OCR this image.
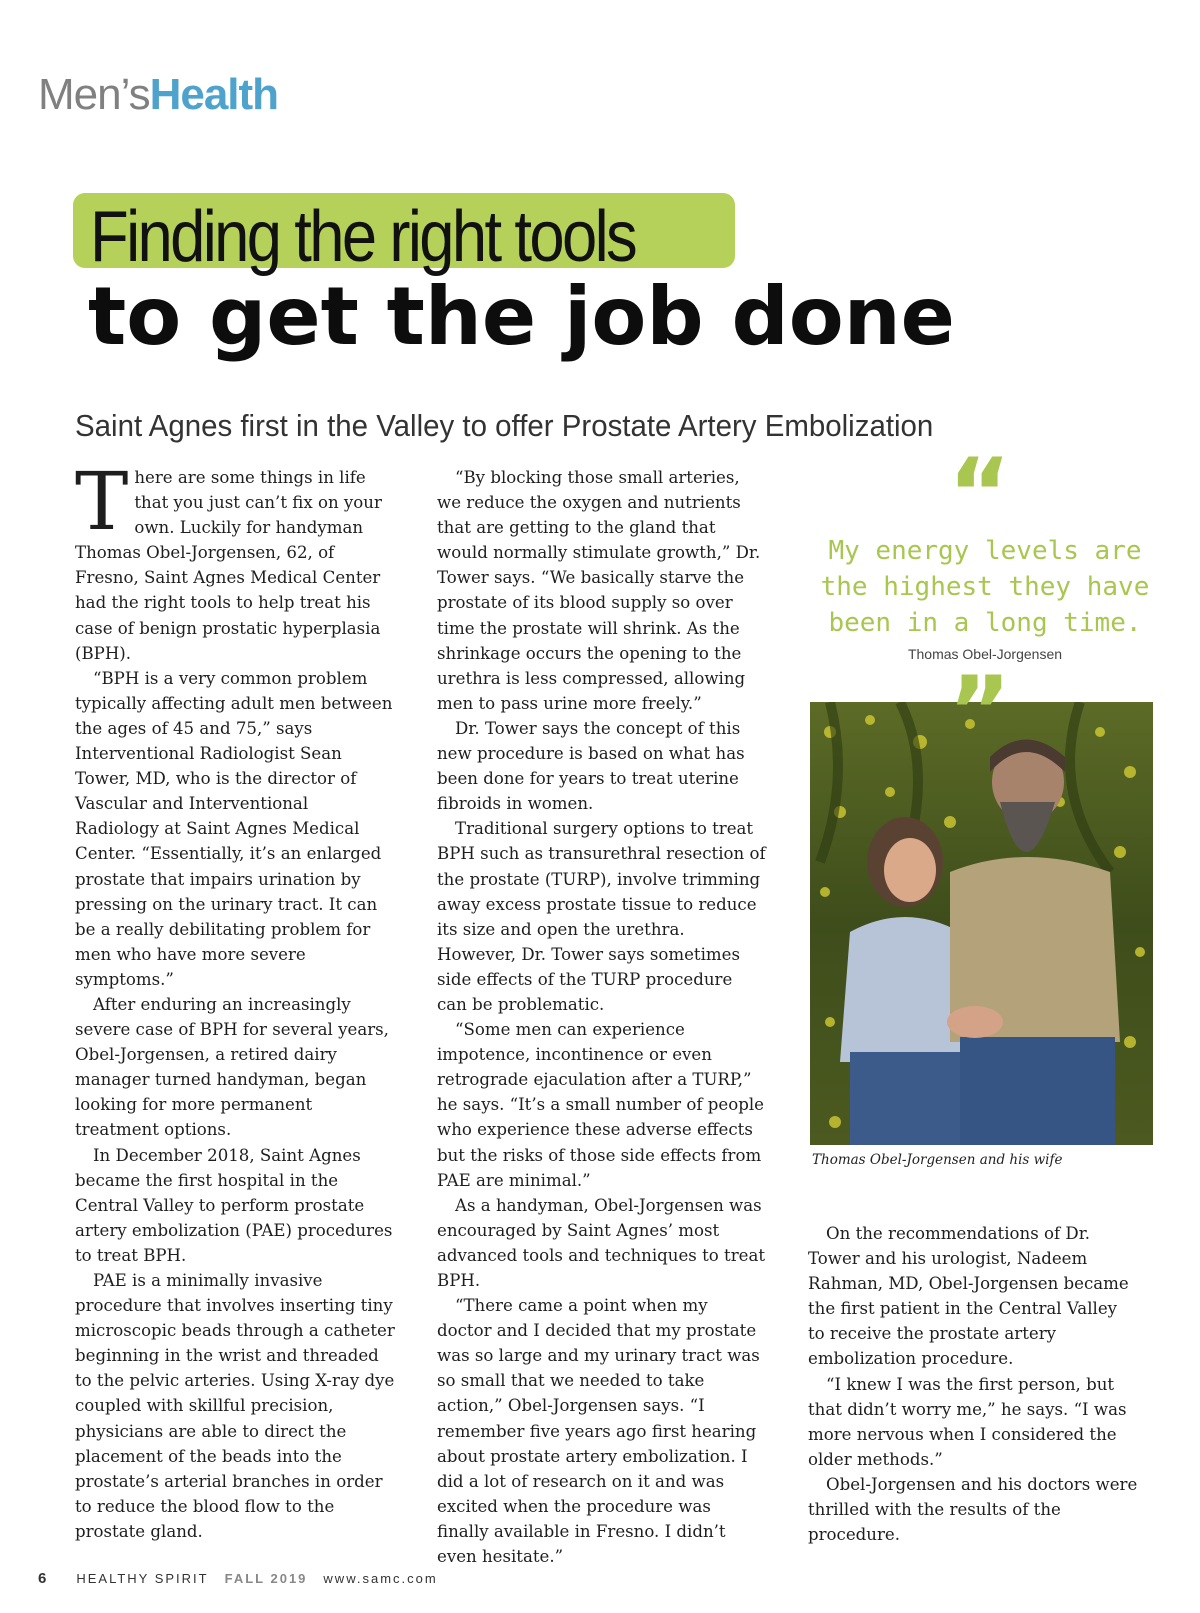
Men’sHealth
Finding the right tools
to get the job done
Saint Agnes first in the Valley to offer Prostate Artery Embolization

There are some things in life that you just can’t fix on your own. Luckily for handyman Thomas Obel-Jorgensen, 62, of Fresno, Saint Agnes Medical Center had the right tools to help treat his case of benign prostatic hyperplasia (BPH).

“BPH is a very common problem typically affecting adult men between the ages of 45 and 75,” says Interventional Radiologist Sean Tower, MD, who is the director of Vascular and Interventional Radiology at Saint Agnes Medical Center. “Essentially, it’s an enlarged prostate that impairs urination by pressing on the urinary tract. It can be a really debilitating problem for men who have more severe symptoms.”

After enduring an increasingly severe case of BPH for several years, Obel-Jorgensen, a retired dairy manager turned handyman, began looking for more permanent treatment options.

In December 2018, Saint Agnes became the first hospital in the Central Valley to perform prostate artery embolization (PAE) procedures to treat BPH.

PAE is a minimally invasive procedure that involves inserting tiny microscopic beads through a catheter beginning in the wrist and threaded to the pelvic arteries. Using X-ray dye coupled with skillful precision, physicians are able to direct the placement of the beads into the prostate’s arterial branches in order to reduce the blood flow to the prostate gland.

“By blocking those small arteries, we reduce the oxygen and nutrients that are getting to the gland that would normally stimulate growth,” Dr. Tower says. “We basically starve the prostate of its blood supply so over time the prostate will shrink. As the shrinkage occurs the opening to the urethra is less compressed, allowing men to pass urine more freely.”

Dr. Tower says the concept of this new procedure is based on what has been done for years to treat uterine fibroids in women.

Traditional surgery options to treat BPH such as transurethral resection of the prostate (TURP), involve trimming away excess prostate tissue to reduce its size and open the urethra. However, Dr. Tower says sometimes side effects of the TURP procedure can be problematic.

“Some men can experience impotence, incontinence or even retrograde ejaculation after a TURP,” he says. “It’s a small number of people who experience these adverse effects but the risks of those side effects from PAE are minimal.”

As a handyman, Obel-Jorgensen was encouraged by Saint Agnes’ most advanced tools and techniques to treat BPH.

“There came a point when my doctor and I decided that my prostate was so large and my urinary tract was so small that we needed to take action,” Obel-Jorgensen says. “I remember five years ago first hearing about prostate artery embolization. I did a lot of research on it and was excited when the procedure was finally available in Fresno. I didn’t even hesitate.”

“
My energy levels are the highest they have been in a long time.
Thomas Obel-Jorgensen
”
Thomas Obel-Jorgensen and his wife

On the recommendations of Dr. Tower and his urologist, Nadeem Rahman, MD, Obel-Jorgensen became the first patient in the Central Valley to receive the prostate artery embolization procedure.

“I knew I was the first person, but that didn’t worry me,” he says. “I was more nervous when I considered the older methods.”

Obel-Jorgensen and his doctors were thrilled with the results of the procedure.

6 HEALTHY SPIRIT FALL 2019 www.samc.com
